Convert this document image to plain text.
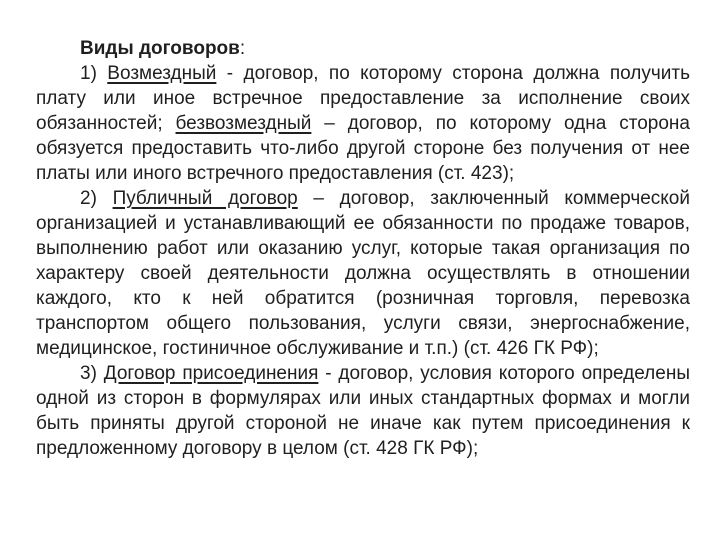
Виды договоров:

1) Возмездный - договор, по которому сторона должна получить плату или иное встречное предоставление за исполнение своих обязанностей; безвозмездный – договор, по которому одна сторона обязуется предоставить что-либо другой стороне без получения от нее платы или иного встречного предоставления (ст. 423);

2) Публичный договор – договор, заключенный коммерческой организацией и устанавливающий ее обязанности по продаже товаров, выполнению работ или оказанию услуг, которые такая организация по характеру своей деятельности должна осуществлять в отношении каждого, кто к ней обратится (розничная торговля, перевозка транспортом общего пользования, услуги связи, энергоснабжение, медицинское, гостиничное обслуживание и т.п.) (ст. 426 ГК РФ);

3) Договор присоединения - договор, условия которого определены одной из сторон в формулярах или иных стандартных формах и могли быть приняты другой стороной не иначе как путем присоединения к предложенному договору в целом (ст. 428 ГК РФ);
